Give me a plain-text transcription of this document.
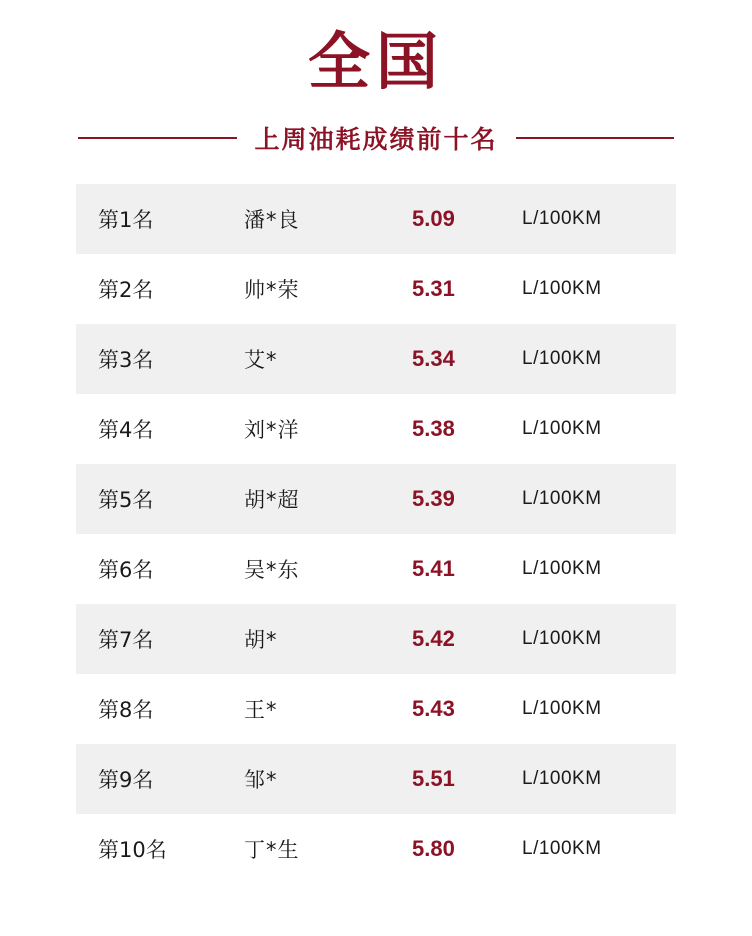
全国
上周油耗成绩前十名
第1名	潘*良	5.09	L/100KM
第2名	帅*荣	5.31	L/100KM
第3名	艾*	5.34	L/100KM
第4名	刘*洋	5.38	L/100KM
第5名	胡*超	5.39	L/100KM
第6名	吴*东	5.41	L/100KM
第7名	胡*	5.42	L/100KM
第8名	王*	5.43	L/100KM
第9名	邹*	5.51	L/100KM
第10名	丁*生	5.80	L/100KM
